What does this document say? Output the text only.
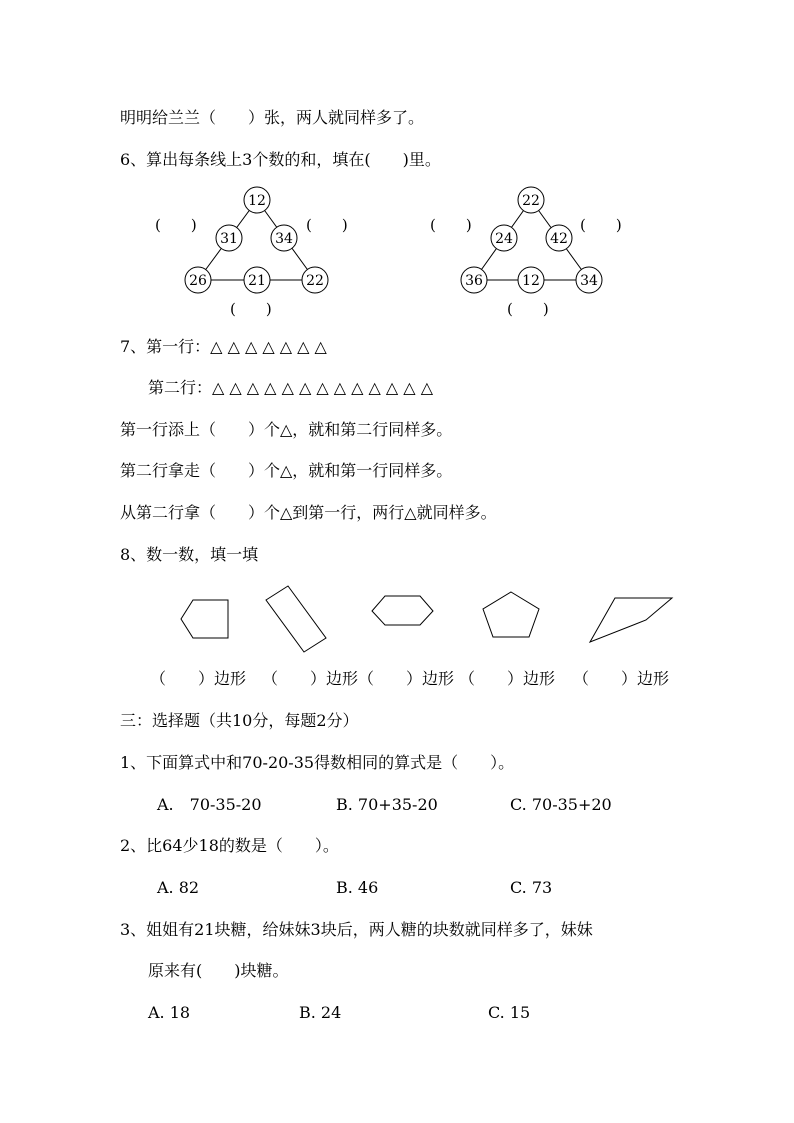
明明给兰兰（　　）张，两人就同样多了。
6、算出每条线上3个数的和，填在(　　)里。
12
31	34
26	21	22
(　　)	(　　)
(　　)
22
24	42
36	12	34
(　　)	(　　)
(　　)
7、第一行：△ △ △ △ △ △ △
第二行：△ △ △ △ △ △ △ △ △ △ △ △ △
第一行添上（　　）个△，就和第二行同样多。
第二行拿走（　　）个△，就和第一行同样多。
从第二行拿（　　）个△到第一行，两行△就同样多。
8、数一数，填一填
（　　）边形 （　　）边形 （　　）边形 （　　）边形 （　　）边形
三：选择题（共10分，每题2分）
1、下面算式中和70-20-35得数相同的算式是（　　）。
A.　70-35-20	B. 70+35-20	C. 70-35+20
2、比64少18的数是（　　）。
A. 82	B. 46	C. 73
3、姐姐有21块糖，给妹妹3块后，两人糖的块数就同样多了，妹妹
原来有(　　)块糖。
A. 18	B. 24	C. 15
